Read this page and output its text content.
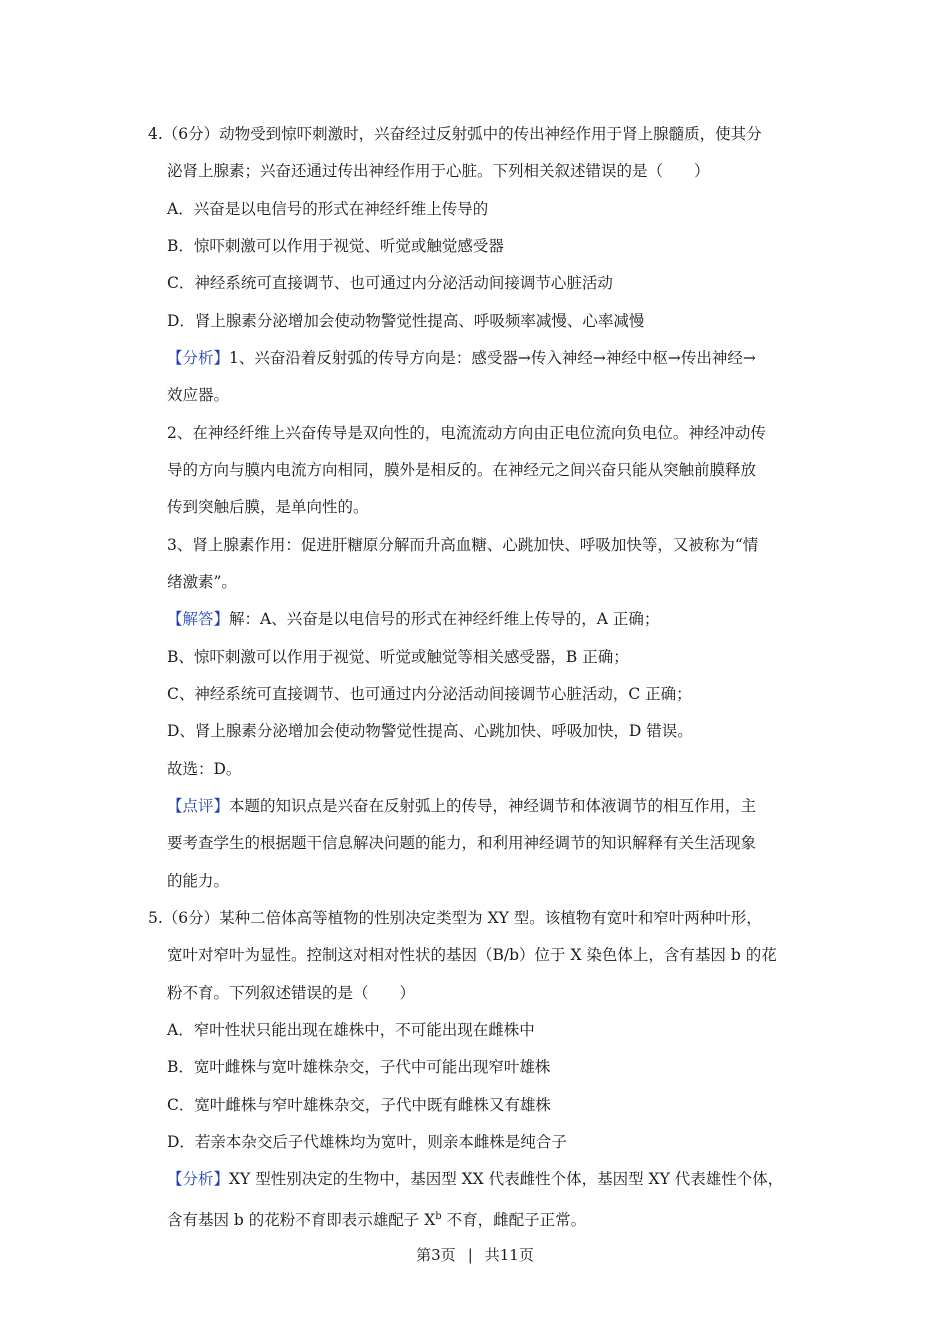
4.（6分）动物受到惊吓刺激时，兴奋经过反射弧中的传出神经作用于肾上腺髓质，使其分
泌肾上腺素；兴奋还通过传出神经作用于心脏。下列相关叙述错误的是（　　）
A．兴奋是以电信号的形式在神经纤维上传导的
B．惊吓刺激可以作用于视觉、听觉或触觉感受器
C．神经系统可直接调节、也可通过内分泌活动间接调节心脏活动
D．肾上腺素分泌增加会使动物警觉性提高、呼吸频率减慢、心率减慢
【分析】1、兴奋沿着反射弧的传导方向是：感受器→传入神经→神经中枢→传出神经→
效应器。
2、在神经纤维上兴奋传导是双向性的，电流流动方向由正电位流向负电位。神经冲动传
导的方向与膜内电流方向相同，膜外是相反的。在神经元之间兴奋只能从突触前膜释放
传到突触后膜，是单向性的。
3、肾上腺素作用：促进肝糖原分解而升高血糖、心跳加快、呼吸加快等，又被称为“情
绪激素”。
【解答】解：A、兴奋是以电信号的形式在神经纤维上传导的，A 正确；
B、惊吓刺激可以作用于视觉、听觉或触觉等相关感受器，B 正确；
C、神经系统可直接调节、也可通过内分泌活动间接调节心脏活动，C 正确；
D、肾上腺素分泌增加会使动物警觉性提高、心跳加快、呼吸加快，D 错误。
故选：D。
【点评】本题的知识点是兴奋在反射弧上的传导，神经调节和体液调节的相互作用，主
要考查学生的根据题干信息解决问题的能力，和利用神经调节的知识解释有关生活现象
的能力。
5.（6分）某种二倍体高等植物的性别决定类型为 XY 型。该植物有宽叶和窄叶两种叶形，
宽叶对窄叶为显性。控制这对相对性状的基因（B/b）位于 X 染色体上，含有基因 b 的花
粉不育。下列叙述错误的是（　　）
A．窄叶性状只能出现在雄株中，不可能出现在雌株中
B．宽叶雌株与宽叶雄株杂交，子代中可能出现窄叶雄株
C．宽叶雌株与窄叶雄株杂交，子代中既有雌株又有雄株
D．若亲本杂交后子代雄株均为宽叶，则亲本雌株是纯合子
【分析】XY 型性别决定的生物中，基因型 XX 代表雌性个体，基因型 XY 代表雄性个体，
含有基因 b 的花粉不育即表示雄配子 $X^b$ 不育，雌配子正常。
第3页 | 共11页
